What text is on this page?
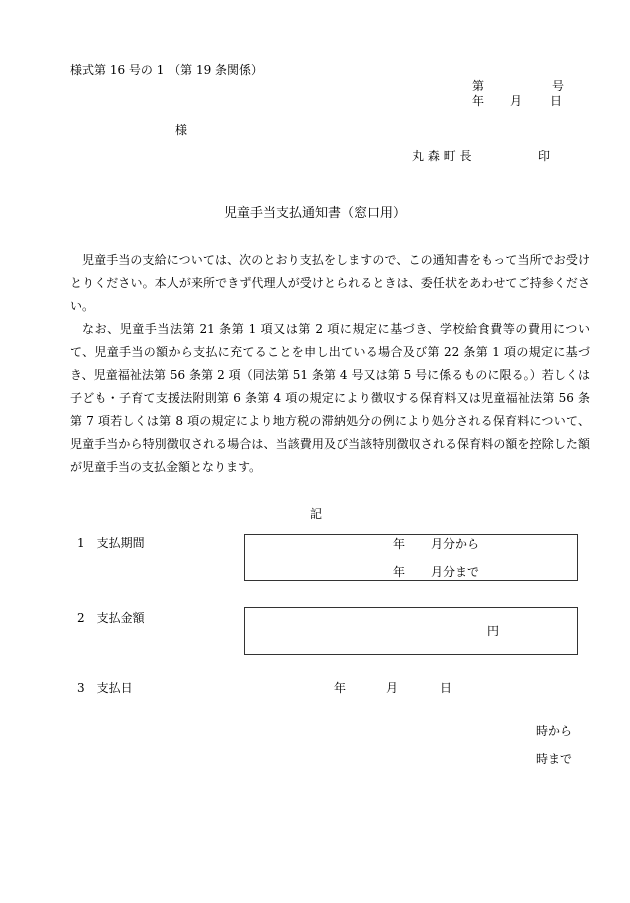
様式第 16 号の 1 （第 19 条関係）
第	号
年 月 日
様
丸 森 町 長	印
児童手当支払通知書（窓口用）
児童手当の支給については、次のとおり支払をしますので、この通知書をもって当所でお受けとりください。本人が来所できず代理人が受けとられるときは、委任状をあわせてご持参ください。
なお、児童手当法第 21 条第 1 項又は第 2 項に規定に基づき、学校給食費等の費用について、児童手当の額から支払に充てることを申し出ている場合及び第 22 条第 1 項の規定に基づき、児童福祉法第 56 条第 2 項（同法第 51 条第 4 号又は第 5 号に係るものに限る。）若しくは子ども・子育て支援法附則第 6 条第 4 項の規定により徴収する保育料又は児童福祉法第 56 条第 7 項若しくは第 8 項の規定により地方税の滞納処分の例により処分される保育料について、児童手当から特別徴収される場合は、当該費用及び当該特別徴収される保育料の額を控除した額が児童手当の支払金額となります。
記
1　支払期間	年 月分から
年 月分まで
2　支払金額
円
3　支払日	年	月	日
時から
時まで
